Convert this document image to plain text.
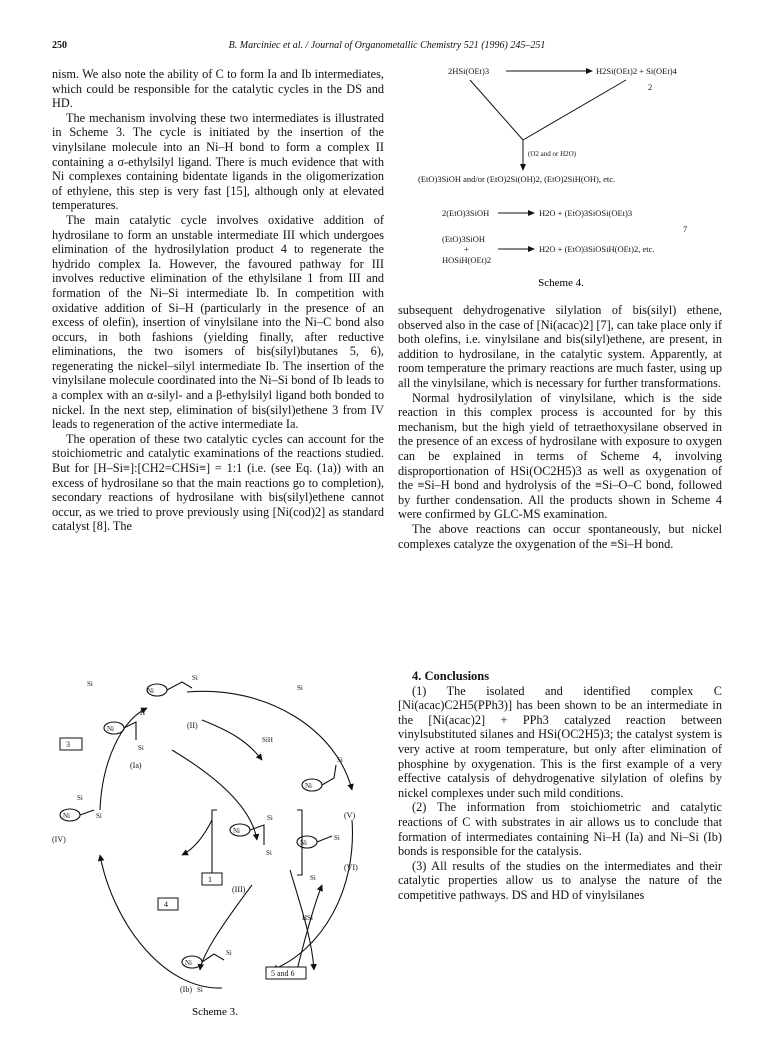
250	B. Marciniec et al. / Journal of Organometallic Chemistry 521 (1996) 245–251

nism. We also note the ability of C to form Ia and Ib intermediates, which could be responsible for the catalytic cycles in the DS and HD.

The mechanism involving these two intermediates is illustrated in Scheme 3. The cycle is initiated by the insertion of the vinylsilane molecule into an Ni–H bond to form a complex II containing a σ-ethylsilyl ligand. There is much evidence that with Ni complexes containing bidentate ligands in the oligomerization of ethylene, this step is very fast [15], although only at elevated temperatures.

The main catalytic cycle involves oxidative addition of hydrosilane to form an unstable intermediate III which undergoes elimination of the hydrosilylation product 4 to regenerate the hydrido complex Ia. However, the favoured pathway for III involves reductive elimination of the ethylsilane 1 from III and formation of the Ni–Si intermediate Ib. In competition with oxidative addition of Si–H (particularly in the presence of an excess of olefin), insertion of vinylsilane into the Ni–C bond also occurs, in both fashions (yielding finally, after reductive eliminations, the two isomers of bis(silyl)butanes 5, 6), regenerating the nickel–silyl intermediate Ib. The insertion of the vinylsilane molecule coordinated into the Ni–Si bond of Ib leads to a complex with an α-silyl- and a β-ethylsilyl ligand both bonded to nickel. In the next step, elimination of bis(silyl)ethene 3 from IV leads to regeneration of the active intermediate Ia.

The operation of these two catalytic cycles can account for the stoichiometric and catalytic examinations of the reactions studied. But for [H–Si≡]:[CH2=CHSi≡] = 1:1 (i.e. (see Eq. (1a)) with an excess of hydrosilane so that the main reactions go to completion), secondary reactions of hydrosilane with bis(silyl)ethene cannot occur, as we tried to prove previously using [Ni(cod)2] as standard catalyst [8]. The

2HSi(OEt)3	H2Si(OEt)2 + Si(OEt)4
2
(O2 and or H2O)
(EtO)3SiOH and/or (EtO)2Si(OH)2, (EtO)2SiH(OH), etc.
2(EtO)3SiOH	H2O + (EtO)3SiOSi(OEt)3
7
(EtO)3SiOH
+
HOSiH(OEt)2
H2O + (EtO)3SiOSiH(OEt)2, etc.
Scheme 4.

subsequent dehydrogenative silylation of bis(silyl) ethene, observed also in the case of [Ni(acac)2] [7], can take place only if both olefins, i.e. vinylsilane and bis(silyl)ethene, are present, in addition to hydrosilane, in the catalytic system. Apparently, at room temperature the primary reactions are much faster, using up all the vinylsilane, which is necessary for further transformations.

Normal hydrosilylation of vinylsilane, which is the side reaction in this complex process is accounted for by this mechanism, but the high yield of tetraethoxysilane observed in the presence of an excess of hydrosilane with exposure to oxygen can be explained in terms of Scheme 4, involving disproportionation of HSi(OC2H5)3 as well as oxygenation of the ≡Si–H bond and hydrolysis of the ≡Si–O–C bond, followed by further condensation. All the products shown in Scheme 4 were confirmed by GLC-MS examination.

The above reactions can occur spontaneously, but nickel complexes catalyze the oxygenation of the ≡Si–H bond.

4. Conclusions

(1) The isolated and identified complex C [Ni(acac)C2H5(PPh3)] has been shown to be an intermediate in the [Ni(acac)2] + PPh3 catalyzed reaction between vinylsubstituted silanes and HSi(OC2H5)3; the catalyst system is very active at room temperature, but only after elimination of phosphine by oxygenation. This is the first example of a very effective catalysis of dehydrogenative silylation of olefins by nickel complexes under such mild conditions.

(2) The information from stoichiometric and catalytic reactions of C with substrates in air allows us to conclude that formation of intermediates containing Ni–H (Ia) and Ni–Si (Ib) bonds is responsible for the catalysis.

(3) All results of the studies on the intermediates and their catalytic properties allow us to analyse the nature of the competitive pathways. DS and HD of vinylsilanes

3
4
1
5 and 6
(Ia)
(II)
(III)
(IV)
(V)
(VI)
(Ib)
Ni
Ni
Ni
Ni
Ni
Ni
Ni
Si
H
Si
Si
SiH
Si
Si
Si
Si
Si
Si
Si
Si
HSi
Si
Si
Scheme 3.
